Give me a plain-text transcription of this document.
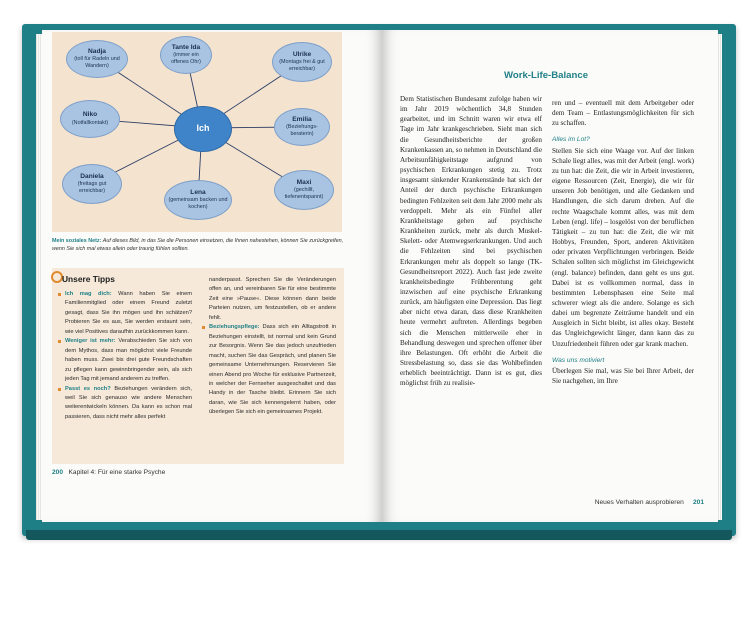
Nadja
(toll für Radeln und Wandern)
Tante Ida
(immer ein offenes Ohr)
Ulrike
(Montags frei & gut erreichbar)
Niko
(Notfallkontakt)
Ich
Emilia
(Beziehungs-beraterin)
Daniela
(freitags gut erreichbar)	Lena
(gemeinsam backen und kochen)
Maxi
(gechillt, tiefenentspannt)
Mein soziales Netz: Auf dieses Bild, in das Sie die Personen einsetzen, die Ihnen nahestehen, können Sie zurückgreifen, wenn Sie sich mal etwas allein oder traurig fühlen sollten.
Unsere Tipps

Ich mag dich: Wann haben Sie einem Familienmitglied oder einem Freund zuletzt gesagt, dass Sie ihn mögen und ihn schätzen? Probieren Sie es aus, Sie werden erstaunt sein, wie viel Positives daraufhin zurückkommen kann.

Weniger ist mehr: Verabschieden Sie sich von dem Mythos, dass man möglichst viele Freunde haben muss. Zwei bis drei gute Freundschaften zu pflegen kann gewinnbringender sein, als sich jeden Tag mit jemand anderem zu treffen.

Passt es noch? Beziehungen verändern sich, weil Sie sich genauso wie andere Menschen weiterentwickeln können. Da kann es schon mal passieren, dass nicht mehr alles perfekt

nanderpasst. Sprechen Sie die Veränderungen offen an, und vereinbaren Sie für eine bestimmte Zeit eine »Pause«. Diese können dann beide Parteien nutzen, um festzustellen, ob er andere fehlt.

Beziehungspflege: Dass sich ein Alltagstrott in Beziehungen einstellt, ist normal und kein Grund zur Besorgnis. Wenn Sie das jedoch unzufrieden macht, suchen Sie das Gespräch, und planen Sie gemeinsame Unternehmungen. Reservieren Sie einen Abend pro Woche für exklusive Partnerzeit, in welcher der Fernseher ausgeschaltet und das Handy in der Tasche bleibt. Erinnern Sie sich daran, wie Sie sich kennengelernt haben, oder überlegen Sie sich ein gemeinsames Projekt.

200 Kapitel 4: Für eine starke Psyche
Work-Life-Balance

Dem Statistischen Bundesamt zufolge haben wir im Jahr 2019 wöchentlich 34,8 Stunden gearbeitet, und im Schnitt waren wir etwa elf Tage im Jahr krankgeschrieben. Sieht man sich die Gesundheitsberichte der großen Krankenkassen an, so nehmen in Deutschland die Arbeitsunfähigkeitstage aufgrund von psychischen Erkrankungen stetig zu. Trotz insgesamt sinkender Krankenstände hat sich der Anteil der durch psychische Erkrankungen bedingten Fehlzeiten seit dem Jahr 2000 mehr als verdoppelt. Mehr als ein Fünftel aller Krankheitstage gehen auf psychische Krankheiten zurück, mehr als durch Muskel-Skelett- oder Atemwegserkrankungen. Und auch die Fehlzeiten sind bei psychischen Erkrankungen mehr als doppelt so lange (TK-Gesundheitsreport 2022). Auch fast jede zweite krankheitsbedingte Frühberentung geht inzwischen auf eine psychische Erkrankung zurück, am häufigsten eine Depression. Das liegt aber nicht etwa daran, dass diese Krankheiten heute vermehrt auftreten. Allerdings begeben sich die Menschen mittlerweile eher in Behandlung deswegen und sprechen offener über ihre Belastungen. Oft erhöht die Arbeit die Stressbelastung so, dass sie das Wohlbefinden erheblich beeinträchtigt. Dann ist es gut, dies möglichst früh zu realisie-

ren und – eventuell mit dem Arbeitgeber oder dem Team – Entlastungsmöglichkeiten für sich zu schaffen.

Alles im Lot?

Stellen Sie sich eine Waage vor. Auf der linken Schale liegt alles, was mit der Arbeit (engl. work) zu tun hat: die Zeit, die wir in Arbeit investieren, eigene Ressourcen (Zeit, Energie), die wir für unseren Job benötigen, und alle Gedanken und Handlungen, die sich darum drehen. Auf die rechte Waagschale kommt alles, was mit dem Leben (engl. life) – losgelöst von der beruflichen Tätigkeit – zu tun hat: die Zeit, die wir mit Hobbys, Freunden, Sport, anderen Aktivitäten oder privaten Verpflichtungen verbringen. Beide Schalen sollten sich möglichst im Gleichgewicht (engl. balance) befinden, dann geht es uns gut. Dabei ist es vollkommen normal, dass in bestimmten Lebensphasen eine Seite mal schwerer wiegt als die andere. Solange es sich dabei um begrenzte Zeiträume handelt und ein Ausgleich in Sicht bleibt, ist alles okay. Besteht das Ungleichgewicht länger, dann kann das zu Unzufriedenheit führen oder gar krank machen.

Was uns motiviert

Überlegen Sie mal, was Sie bei Ihrer Arbeit, der Sie nachgehen, im Ihre

Neues Verhalten ausprobieren 201
